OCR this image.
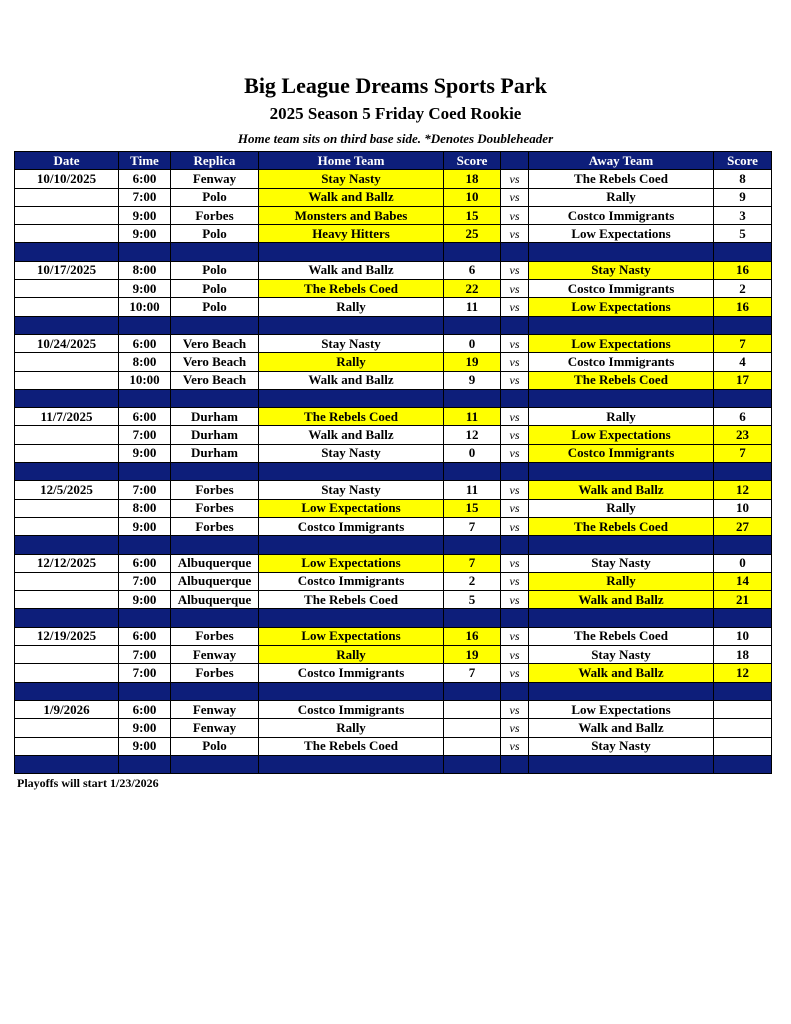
Big League Dreams Sports Park
2025 Season 5 Friday Coed Rookie
Home team sits on third base side. *Denotes Doubleheader
Date	Time	Replica	Home Team	Score		Away Team	Score
10/10/2025	6:00	Fenway	Stay Nasty	18	vs	The Rebels Coed	8
	7:00	Polo	Walk and Ballz	10	vs	Rally	9
	9:00	Forbes	Monsters and Babes	15	vs	Costco Immigrants	3
	9:00	Polo	Heavy Hitters	25	vs	Low Expectations	5

10/17/2025	8:00	Polo	Walk and Ballz	6	vs	Stay Nasty	16
	9:00	Polo	The Rebels Coed	22	vs	Costco Immigrants	2
	10:00	Polo	Rally	11	vs	Low Expectations	16

10/24/2025	6:00	Vero Beach	Stay Nasty	0	vs	Low Expectations	7
	8:00	Vero Beach	Rally	19	vs	Costco Immigrants	4
	10:00	Vero Beach	Walk and Ballz	9	vs	The Rebels Coed	17

11/7/2025	6:00	Durham	The Rebels Coed	11	vs	Rally	6
	7:00	Durham	Walk and Ballz	12	vs	Low Expectations	23
	9:00	Durham	Stay Nasty	0	vs	Costco Immigrants	7

12/5/2025	7:00	Forbes	Stay Nasty	11	vs	Walk and Ballz	12
	8:00	Forbes	Low Expectations	15	vs	Rally	10
	9:00	Forbes	Costco Immigrants	7	vs	The Rebels Coed	27

12/12/2025	6:00	Albuquerque	Low Expectations	7	vs	Stay Nasty	0
	7:00	Albuquerque	Costco Immigrants	2	vs	Rally	14
	9:00	Albuquerque	The Rebels Coed	5	vs	Walk and Ballz	21

12/19/2025	6:00	Forbes	Low Expectations	16	vs	The Rebels Coed	10
	7:00	Fenway	Rally	19	vs	Stay Nasty	18
	7:00	Forbes	Costco Immigrants	7	vs	Walk and Ballz	12

1/9/2026	6:00	Fenway	Costco Immigrants		vs	Low Expectations	
	9:00	Fenway	Rally		vs	Walk and Ballz	
	9:00	Polo	The Rebels Coed		vs	Stay Nasty	

Playoffs will start 1/23/2026
